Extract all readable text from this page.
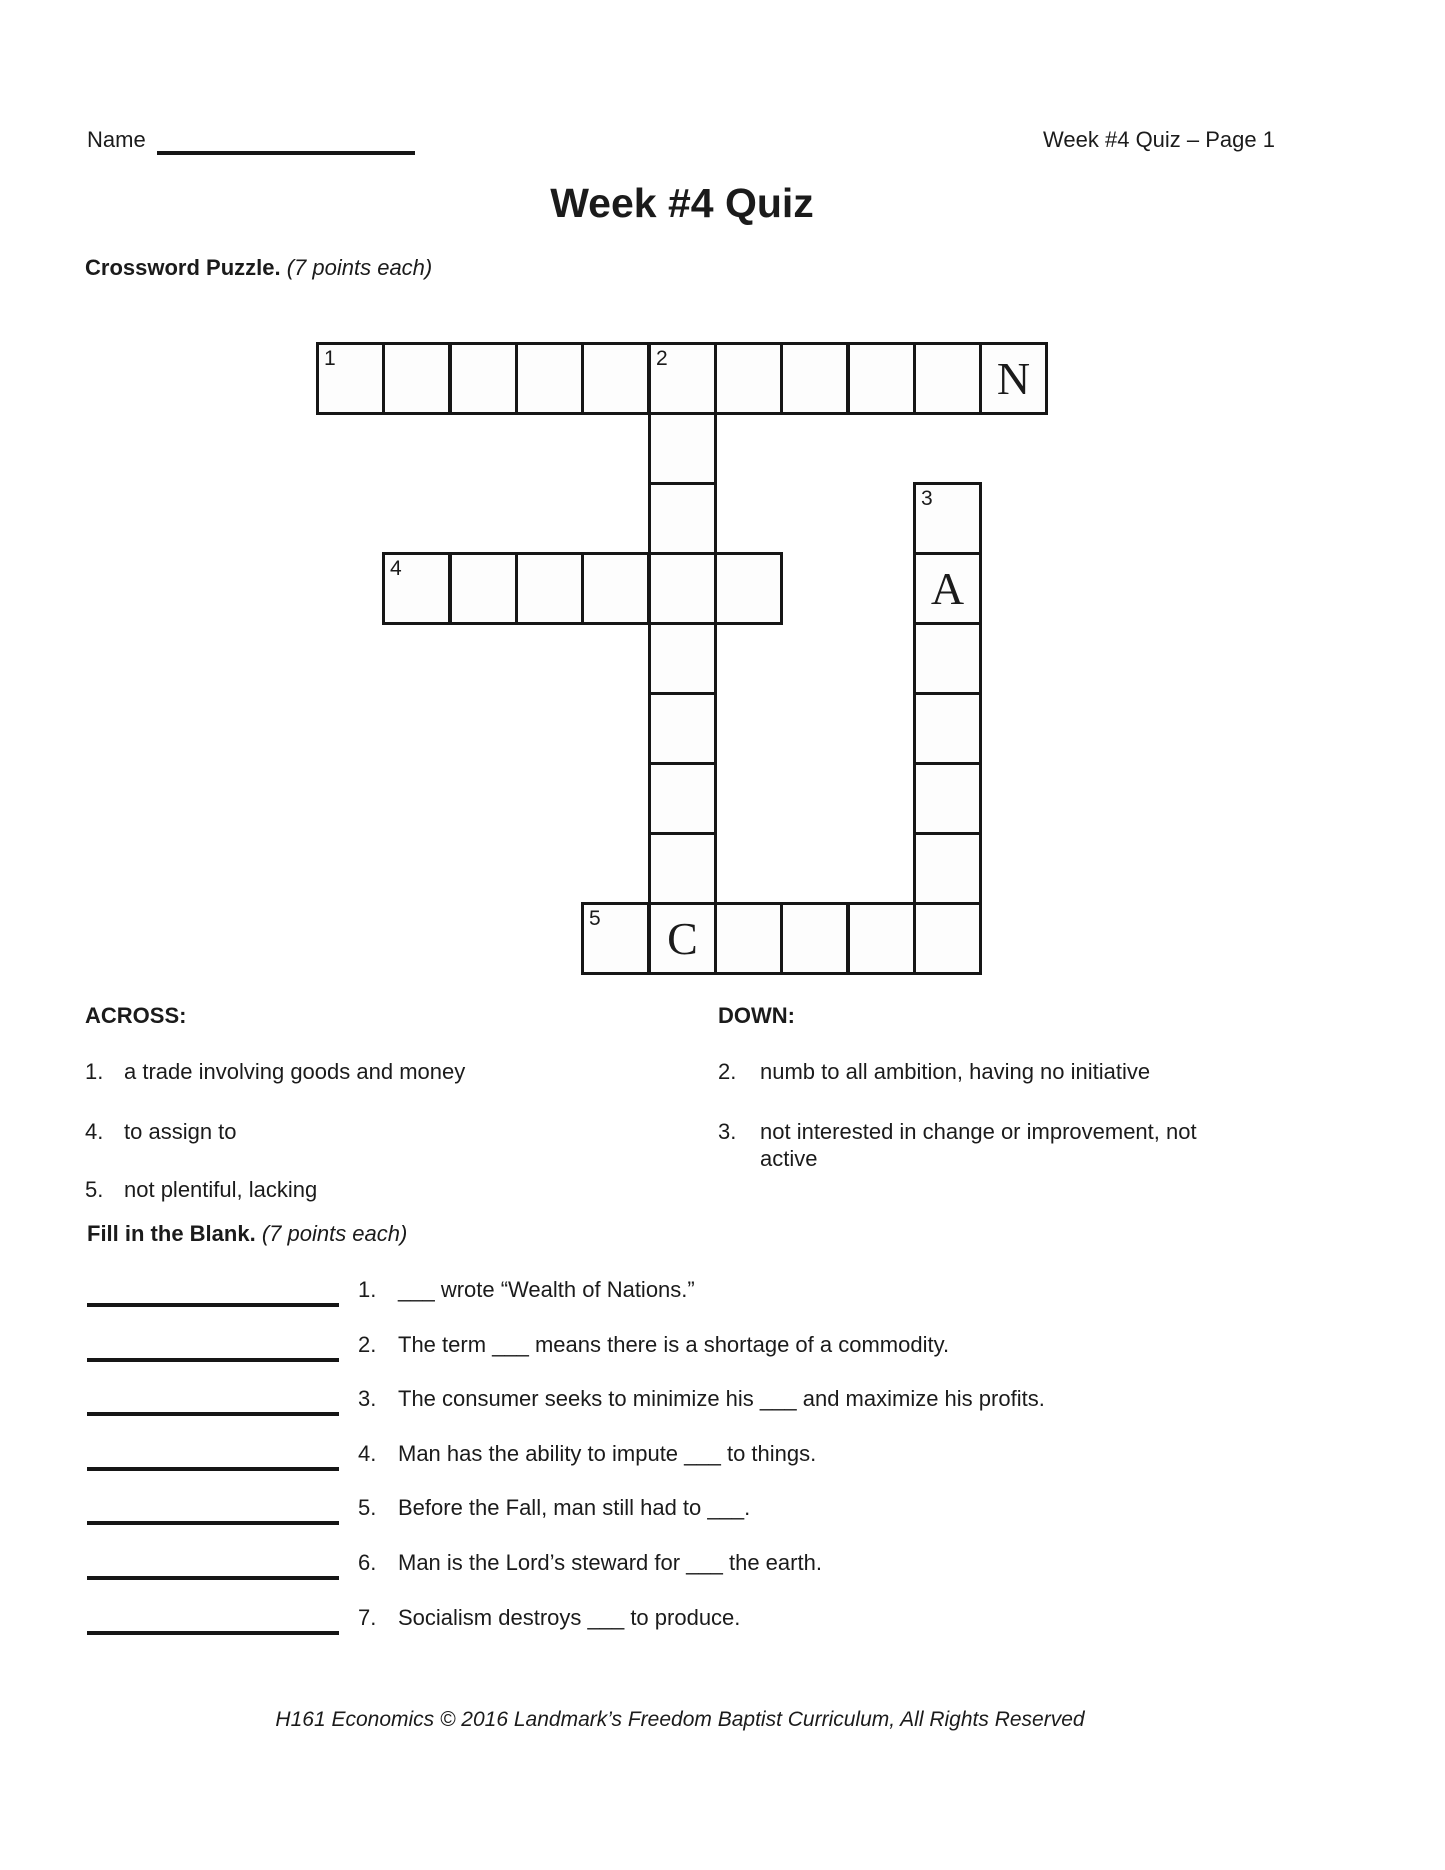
Name	Week #4 Quiz – Page 1
Week #4 Quiz
Crossword Puzzle. (7 points each)
1	2	N
3
4	A
5	C
ACROSS:	DOWN:
1. a trade involving goods and money
4. to assign to
5. not plentiful, lacking
2. numb to all ambition, having no initiative
3. not interested in change or improvement, not active
Fill in the Blank. (7 points each)
1. ___ wrote “Wealth of Nations.”
2. The term ___ means there is a shortage of a commodity.
3. The consumer seeks to minimize his ___ and maximize his profits.
4. Man has the ability to impute ___ to things.
5. Before the Fall, man still had to ___.
6. Man is the Lord’s steward for ___ the earth.
7. Socialism destroys ___ to produce.
H161 Economics © 2016 Landmark’s Freedom Baptist Curriculum, All Rights Reserved
